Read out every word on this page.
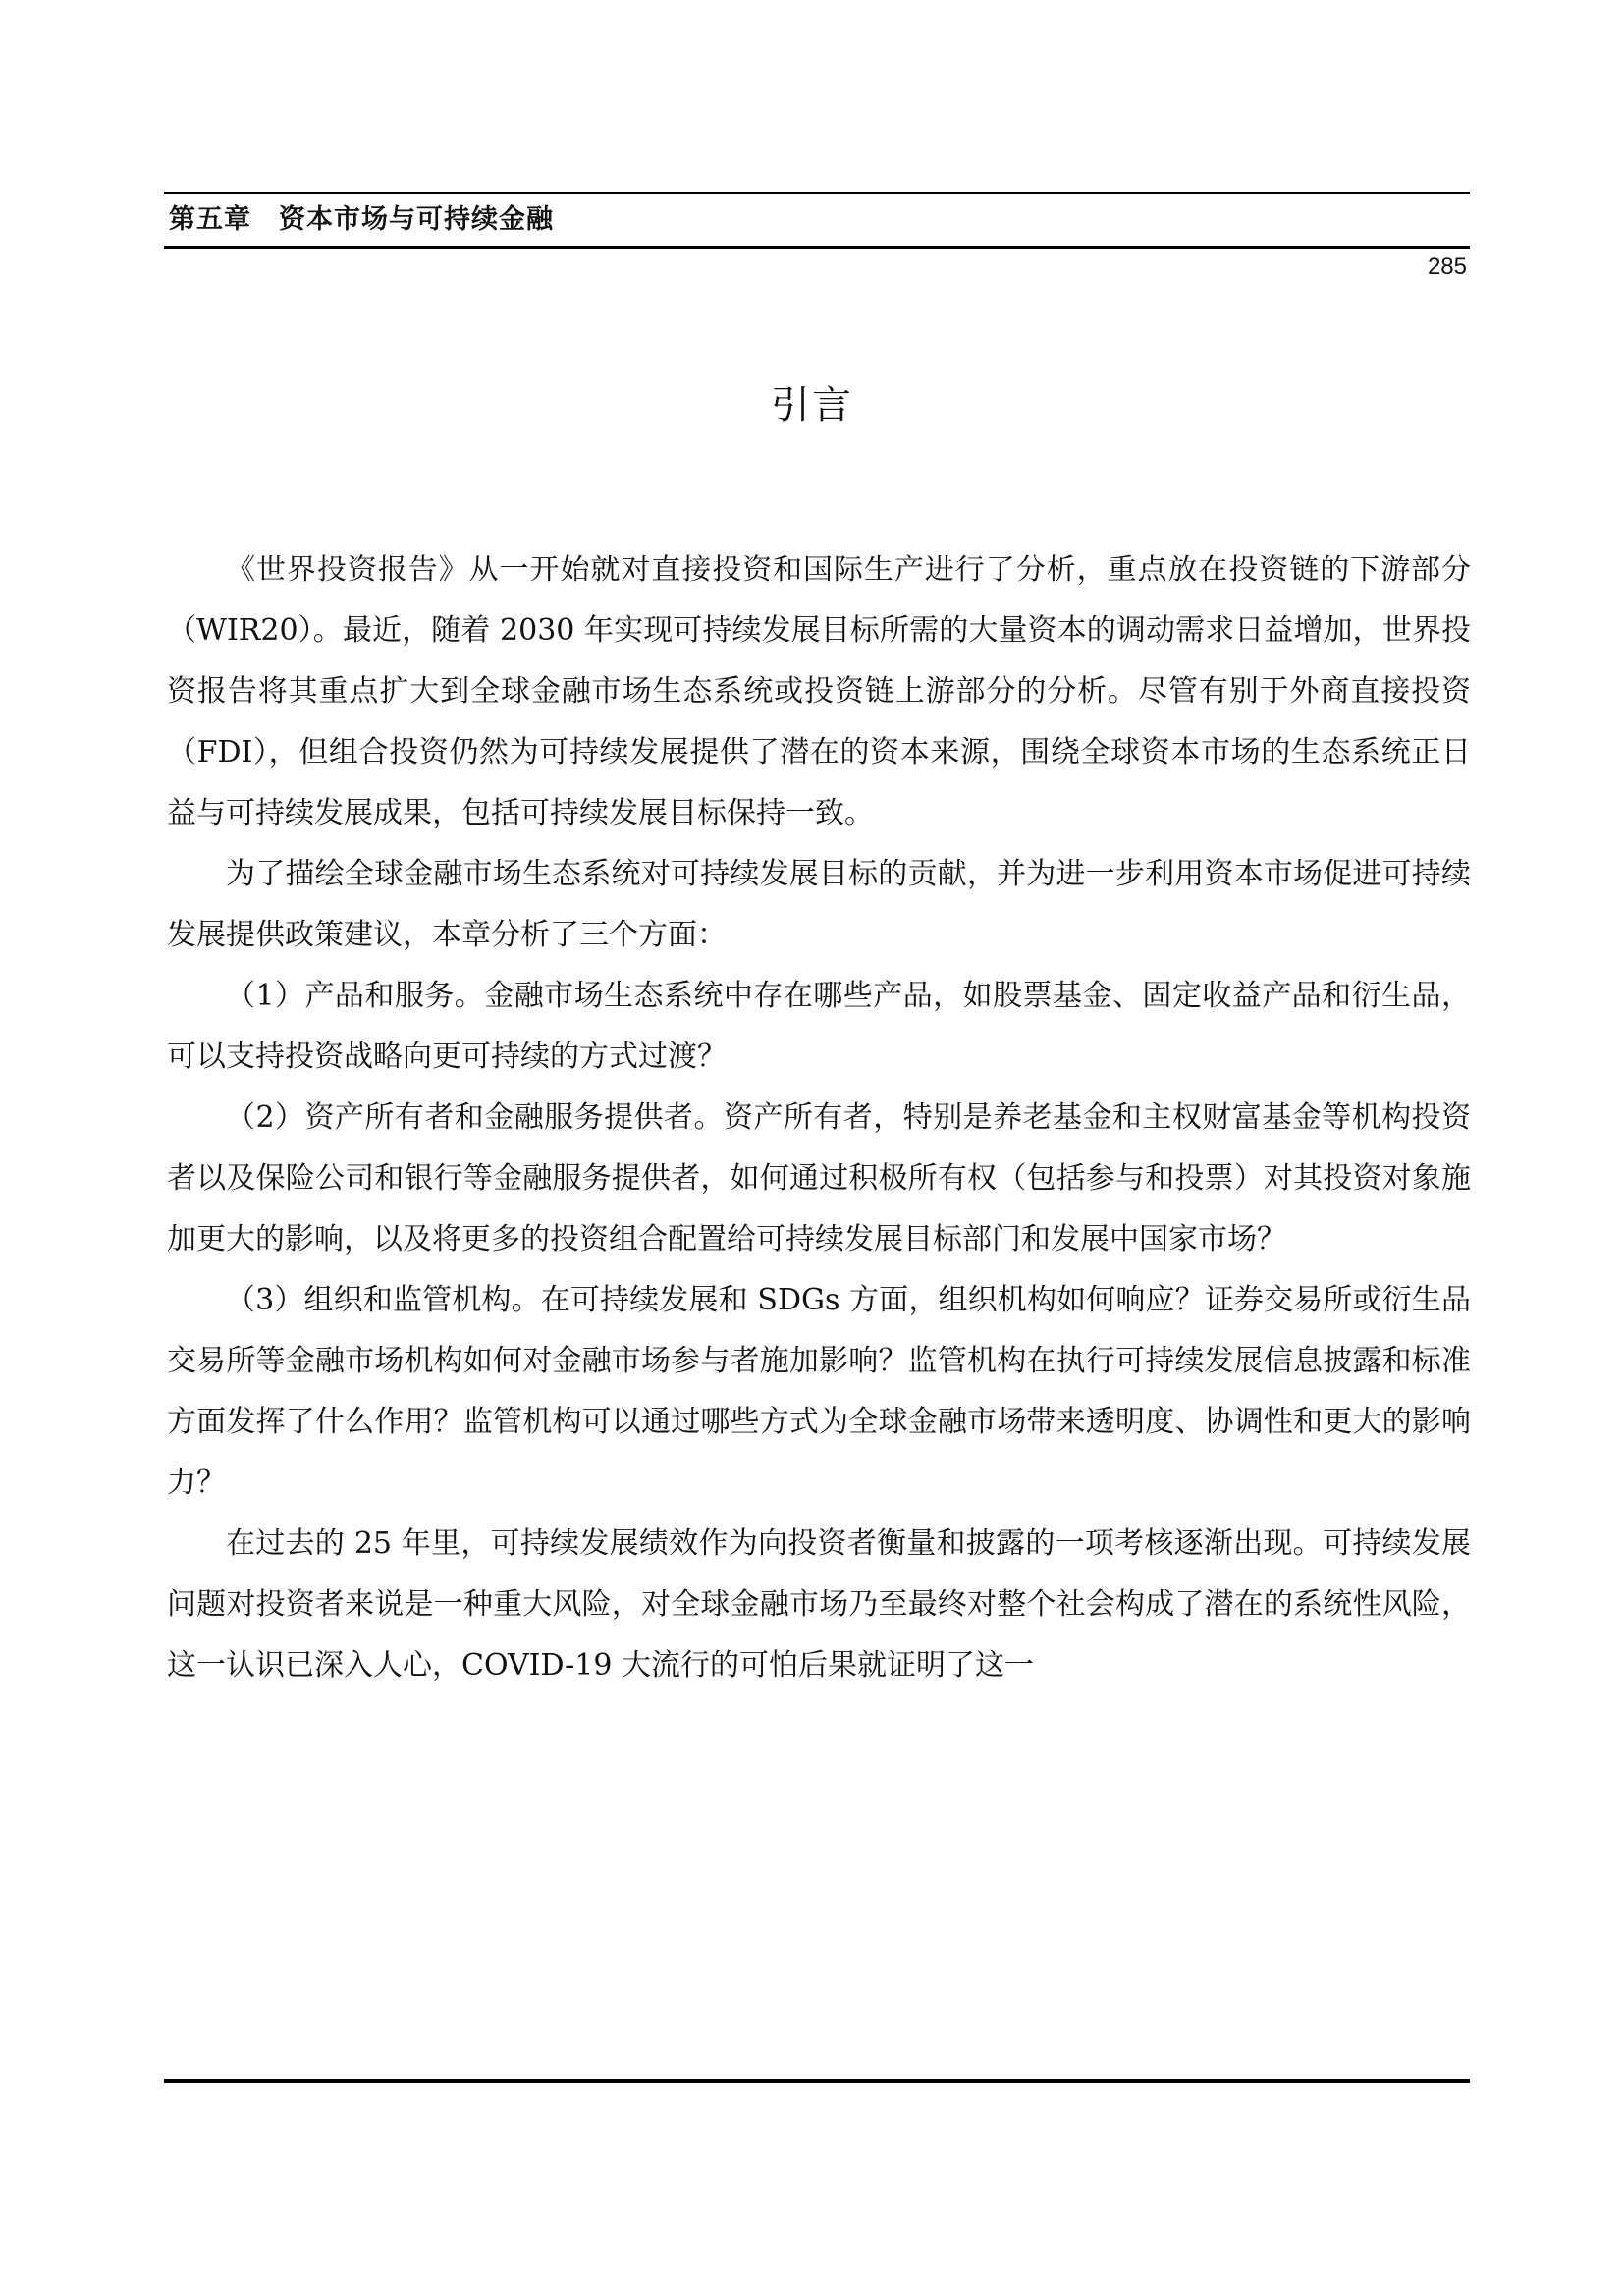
第五章　资本市场与可持续金融
285
引言

《世界投资报告》从一开始就对直接投资和国际生产进行了分析，重点放在投资链的下游部分（WIR20）。最近，随着 2030 年实现可持续发展目标所需的大量资本的调动需求日益增加，世界投资报告将其重点扩大到全球金融市场生态系统或投资链上游部分的分析。尽管有别于外商直接投资（FDI），但组合投资仍然为可持续发展提供了潜在的资本来源，围绕全球资本市场的生态系统正日益与可持续发展成果，包括可持续发展目标保持一致。

为了描绘全球金融市场生态系统对可持续发展目标的贡献，并为进一步利用资本市场促进可持续发展提供政策建议，本章分析了三个方面：

（1）产品和服务。金融市场生态系统中存在哪些产品，如股票基金、固定收益产品和衍生品，可以支持投资战略向更可持续的方式过渡？

（2）资产所有者和金融服务提供者。资产所有者，特别是养老基金和主权财富基金等机构投资者以及保险公司和银行等金融服务提供者，如何通过积极所有权（包括参与和投票）对其投资对象施加更大的影响，以及将更多的投资组合配置给可持续发展目标部门和发展中国家市场？

（3）组织和监管机构。在可持续发展和 SDGs 方面，组织机构如何响应？证券交易所或衍生品交易所等金融市场机构如何对金融市场参与者施加影响？监管机构在执行可持续发展信息披露和标准方面发挥了什么作用？监管机构可以通过哪些方式为全球金融市场带来透明度、协调性和更大的影响力？

在过去的 25 年里，可持续发展绩效作为向投资者衡量和披露的一项考核逐渐出现。可持续发展问题对投资者来说是一种重大风险，对全球金融市场乃至最终对整个社会构成了潜在的系统性风险，这一认识已深入人心，COVID-19 大流行的可怕后果就证明了这一
